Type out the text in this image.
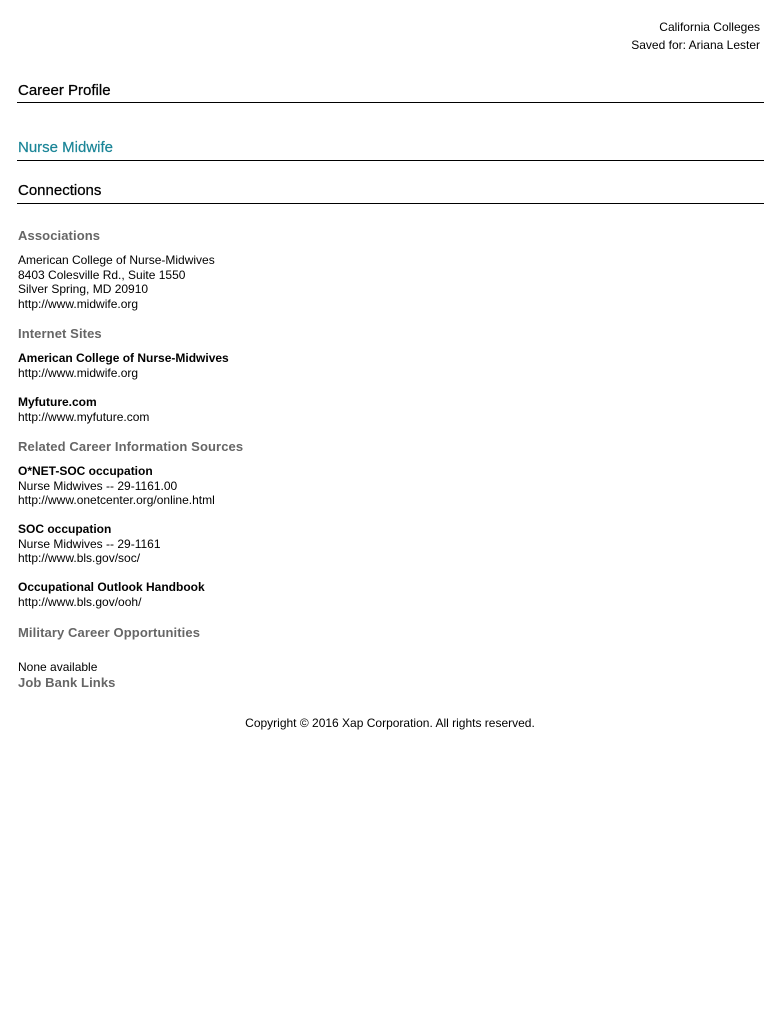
California Colleges
Saved for: Ariana Lester
Career Profile
Nurse Midwife
Connections
Associations
American College of Nurse-Midwives
8403 Colesville Rd., Suite 1550
Silver Spring, MD 20910
http://www.midwife.org
Internet Sites
American College of Nurse-Midwives
http://www.midwife.org
Myfuture.com
http://www.myfuture.com
Related Career Information Sources
O*NET-SOC occupation
Nurse Midwives -- 29-1161.00
http://www.onetcenter.org/online.html
SOC occupation
Nurse Midwives -- 29-1161
http://www.bls.gov/soc/
Occupational Outlook Handbook
http://www.bls.gov/ooh/
Military Career Opportunities
None available
Job Bank Links
Copyright © 2016 Xap Corporation. All rights reserved.
